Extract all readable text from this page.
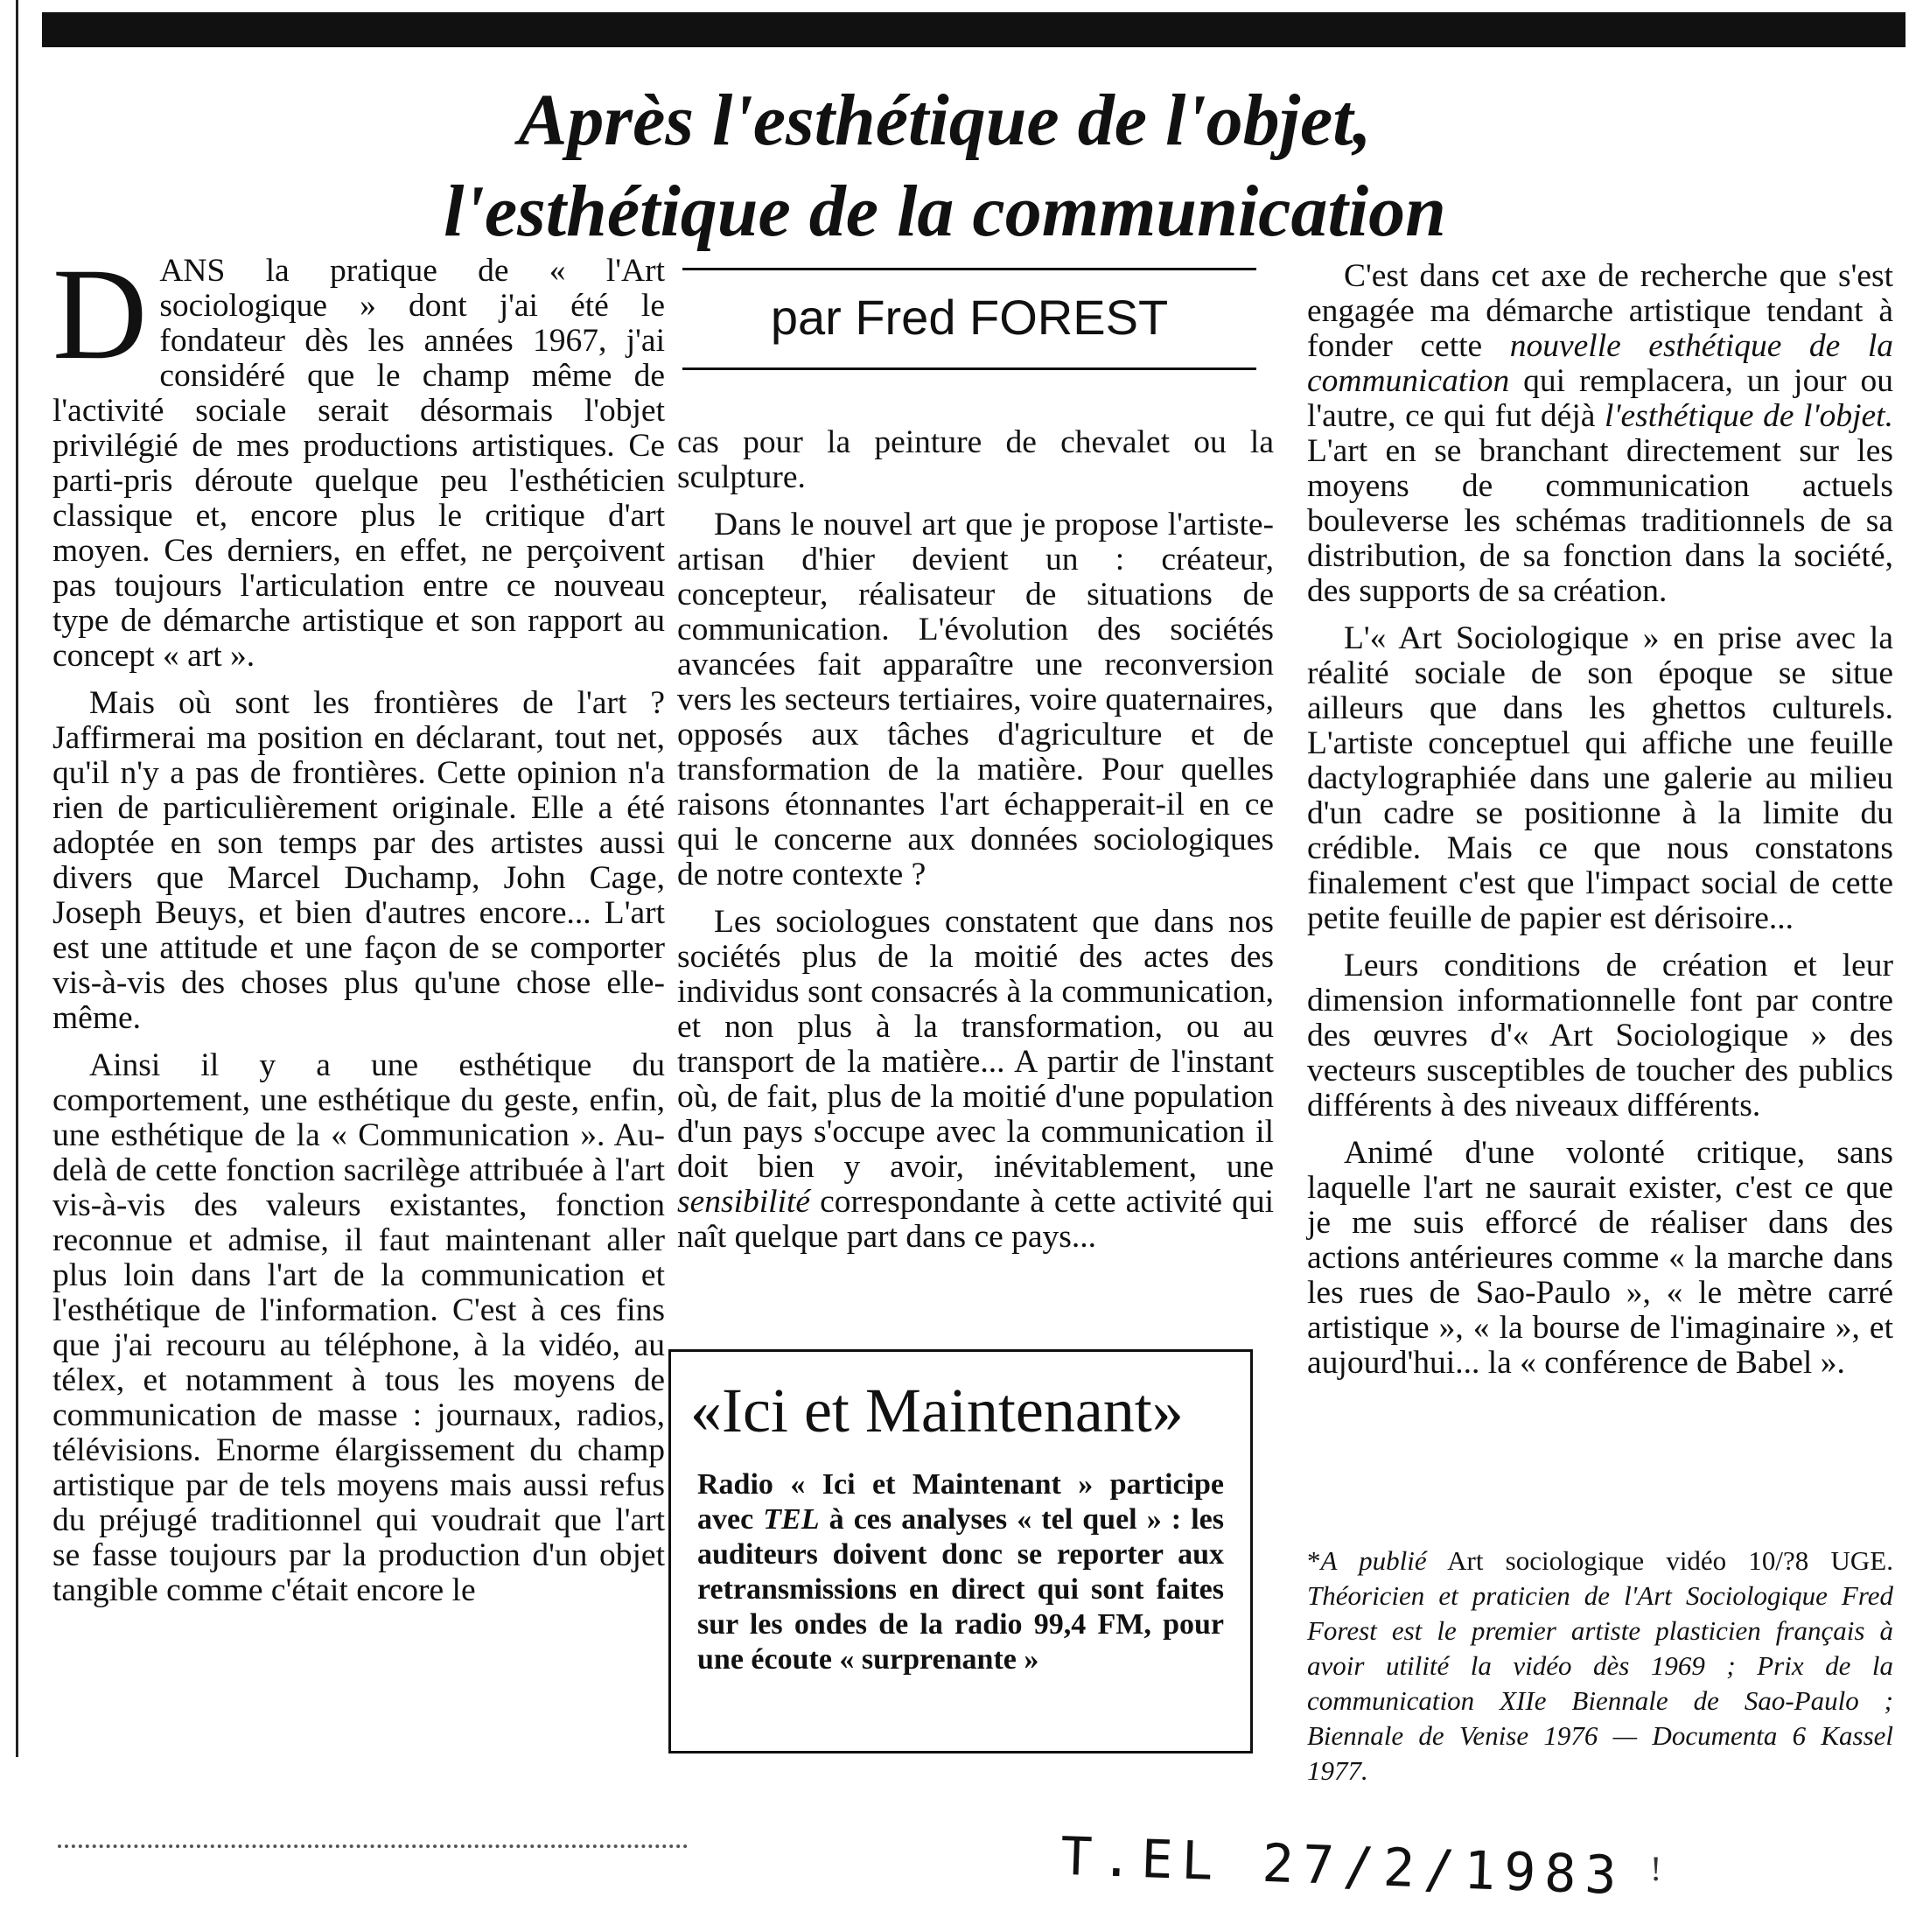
Après l'esthétique de l'objet,
l'esthétique de la communication

DANS la pratique de « l'Art sociologique » dont j'ai été le fondateur dès les années 1967, j'ai considéré que le champ même de l'activité sociale serait désormais l'objet privilégié de mes productions artistiques. Ce parti-pris déroute quelque peu l'esthéticien classique et, encore plus le critique d'art moyen. Ces derniers, en effet, ne perçoivent pas toujours l'articulation entre ce nouveau type de démarche artistique et son rapport au concept « art ».

Mais où sont les frontières de l'art ? Jaffirmerai ma position en déclarant, tout net, qu'il n'y a pas de frontières. Cette opinion n'a rien de particulièrement originale. Elle a été adoptée en son temps par des artistes aussi divers que Marcel Duchamp, John Cage, Joseph Beuys, et bien d'autres encore... L'art est une attitude et une façon de se comporter vis-à-vis des choses plus qu'une chose elle-même.

Ainsi il y a une esthétique du comportement, une esthétique du geste, enfin, une esthétique de la « Communication ». Au-delà de cette fonction sacrilège attribuée à l'art vis-à-vis des valeurs existantes, fonction reconnue et admise, il faut maintenant aller plus loin dans l'art de la communication et l'esthétique de l'information. C'est à ces fins que j'ai recouru au téléphone, à la vidéo, au télex, et notamment à tous les moyens de communication de masse : journaux, radios, télévisions. Enorme élargissement du champ artistique par de tels moyens mais aussi refus du préjugé traditionnel qui voudrait que l'art se fasse toujours par la production d'un objet tangible comme c'était encore le

par Fred FOREST

cas pour la peinture de chevalet ou la sculpture.

Dans le nouvel art que je propose l'artiste-artisan d'hier devient un : créateur, concepteur, réalisateur de situations de communication. L'évolution des sociétés avancées fait apparaître une reconversion vers les secteurs tertiaires, voire quaternaires, opposés aux tâches d'agriculture et de transformation de la matière. Pour quelles raisons étonnantes l'art échapperait-il en ce qui le concerne aux données sociologiques de notre contexte ?

Les sociologues constatent que dans nos sociétés plus de la moitié des actes des individus sont consacrés à la communication, et non plus à la transformation, ou au transport de la matière... A partir de l'instant où, de fait, plus de la moitié d'une population d'un pays s'occupe avec la communication il doit bien y avoir, inévitablement, une sensibilité correspondante à cette activité qui naît quelque part dans ce pays...

«Ici et Maintenant»

Radio « Ici et Maintenant » participe avec TEL à ces analyses « tel quel » : les auditeurs doivent donc se reporter aux retransmissions en direct qui sont faites sur les ondes de la radio 99,4 FM, pour une écoute « surprenante »

C'est dans cet axe de recherche que s'est engagée ma démarche artistique tendant à fonder cette nouvelle esthétique de la communication qui remplacera, un jour ou l'autre, ce qui fut déjà l'esthétique de l'objet. L'art en se branchant directement sur les moyens de communication actuels bouleverse les schémas traditionnels de sa distribution, de sa fonction dans la société, des supports de sa création.

L'« Art Sociologique » en prise avec la réalité sociale de son époque se situe ailleurs que dans les ghettos culturels. L'artiste conceptuel qui affiche une feuille dactylographiée dans une galerie au milieu d'un cadre se positionne à la limite du crédible. Mais ce que nous constatons finalement c'est que l'impact social de cette petite feuille de papier est dérisoire...

Leurs conditions de création et leur dimension informationnelle font par contre des œuvres d'« Art Sociologique » des vecteurs susceptibles de toucher des publics différents à des niveaux différents.

Animé d'une volonté critique, sans laquelle l'art ne saurait exister, c'est ce que je me suis efforcé de réaliser dans des actions antérieures comme « la marche dans les rues de Sao-Paulo », « le mètre carré artistique », « la bourse de l'imaginaire », et aujourd'hui... la « conférence de Babel ».

*A publié Art sociologique vidéo 10/?8 UGE. Théoricien et praticien de l'Art Sociologique Fred Forest est le premier artiste plasticien français à avoir utilité la vidéo dès 1969 ; Prix de la communication XIIe Biennale de Sao-Paulo ; Biennale de Venise 1976 — Documenta 6 Kassel 1977.

T.EL 27/2/1983 !
